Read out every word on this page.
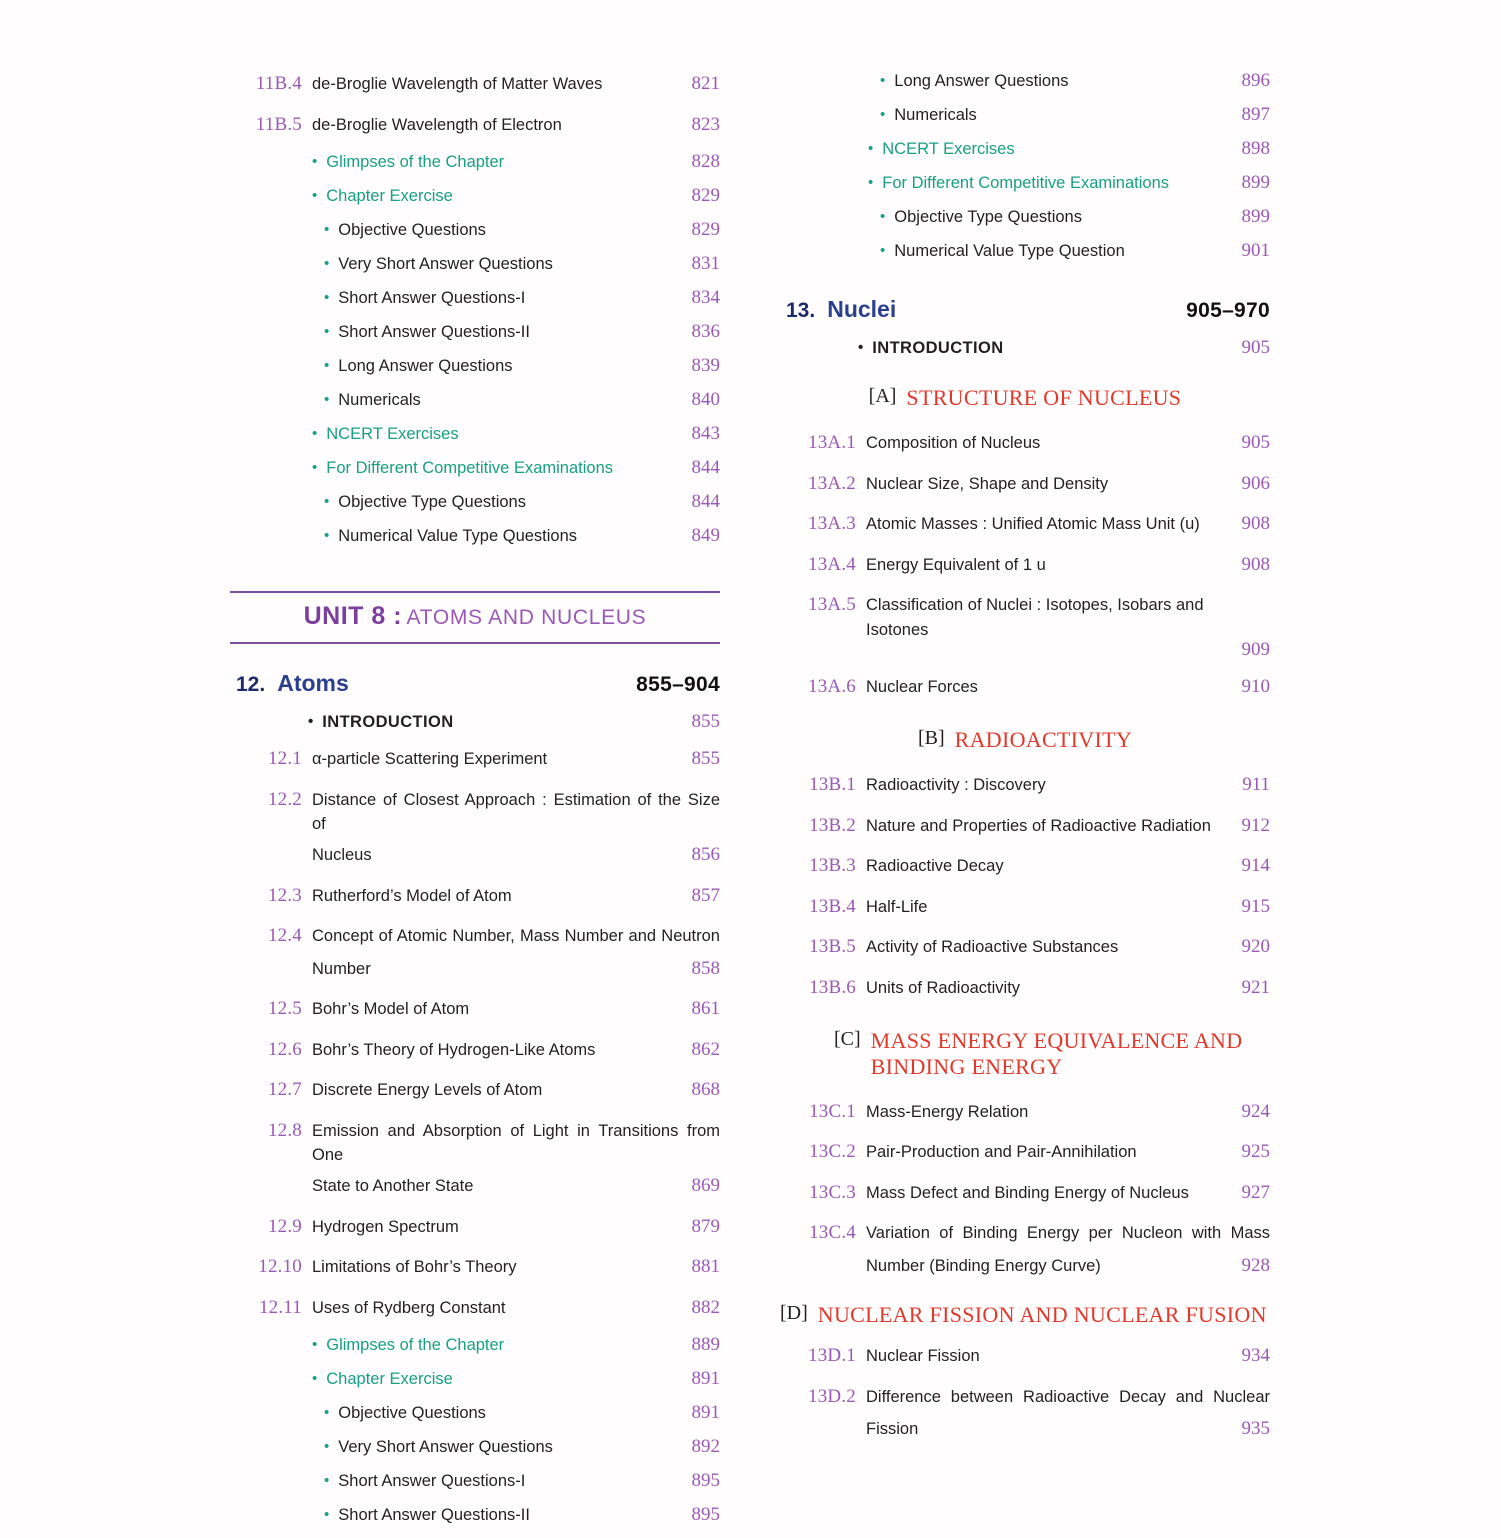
11B.4 de-Broglie Wavelength of Matter Waves	821
11B.5 de-Broglie Wavelength of Electron	823
• Glimpses of the Chapter	828
• Chapter Exercise	829
• Objective Questions	829
• Very Short Answer Questions	831
• Short Answer Questions-I	834
• Short Answer Questions-II	836
• Long Answer Questions	839
• Numericals	840
• NCERT Exercises	843
• For Different Competitive Examinations	844
• Objective Type Questions	844
• Numerical Value Type Questions	849
UNIT 8 : ATOMS AND NUCLEUS
12. Atoms	855–904
• INTRODUCTION	855
12.1 α-particle Scattering Experiment	855
12.2 Distance of Closest Approach : Estimation of the Size of
Nucleus	856
12.3 Rutherford’s Model of Atom	857
12.4 Concept of Atomic Number, Mass Number and Neutron
Number	858
12.5 Bohr’s Model of Atom	861
12.6 Bohr’s Theory of Hydrogen-Like Atoms	862
12.7 Discrete Energy Levels of Atom	868
12.8 Emission and Absorption of Light in Transitions from One
State to Another State	869
12.9 Hydrogen Spectrum	879
12.10 Limitations of Bohr’s Theory	881
12.11 Uses of Rydberg Constant	882
• Glimpses of the Chapter	889
• Chapter Exercise	891
• Objective Questions	891
• Very Short Answer Questions	892
• Short Answer Questions-I	895
• Short Answer Questions-II	895
• Long Answer Questions	896
• Numericals	897
• NCERT Exercises	898
• For Different Competitive Examinations	899
• Objective Type Questions	899
• Numerical Value Type Question	901
13. Nuclei	905–970
• INTRODUCTION	905
[A] STRUCTURE OF NUCLEUS
13A.1 Composition of Nucleus	905
13A.2 Nuclear Size, Shape and Density	906
13A.3 Atomic Masses : Unified Atomic Mass Unit (u)	908
13A.4 Energy Equivalent of 1 u	908
13A.5 Classification of Nuclei : Isotopes, Isobars and Isotones
909
13A.6 Nuclear Forces	910
[B] RADIOACTIVITY
13B.1 Radioactivity : Discovery	911
13B.2 Nature and Properties of Radioactive Radiation	912
13B.3 Radioactive Decay	914
13B.4 Half-Life	915
13B.5 Activity of Radioactive Substances	920
13B.6 Units of Radioactivity	921
[C] MASS ENERGY EQUIVALENCE AND
BINDING ENERGY
13C.1 Mass-Energy Relation	924
13C.2 Pair-Production and Pair-Annihilation	925
13C.3 Mass Defect and Binding Energy of Nucleus	927
13C.4 Variation of Binding Energy per Nucleon with Mass
Number (Binding Energy Curve)	928
[D] NUCLEAR FISSION AND NUCLEAR FUSION
13D.1 Nuclear Fission	934
13D.2 Difference between Radioactive Decay and Nuclear
Fission	935
